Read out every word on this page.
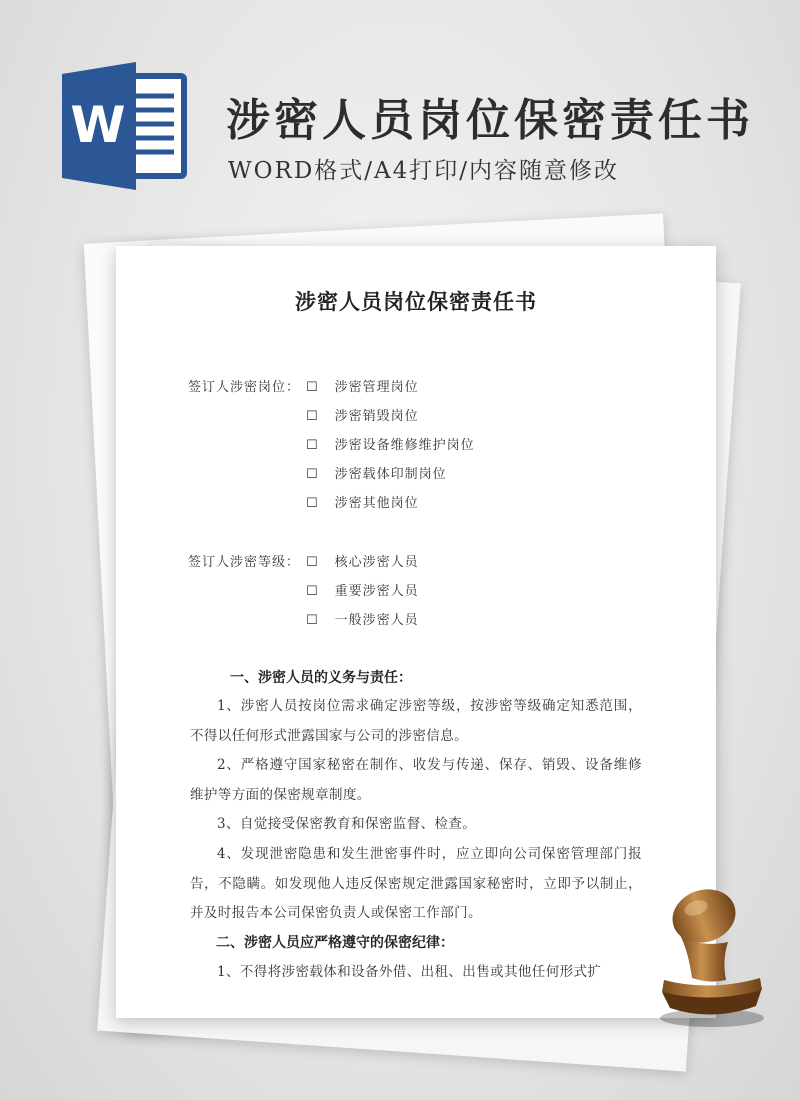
W 涉密人员岗位保密责任书
WORD格式/A4打印/内容随意修改
涉密人员岗位保密责任书
签订人涉密岗位： ☐ 涉密管理岗位
☐ 涉密销毁岗位
☐ 涉密设备维修维护岗位
☐ 涉密载体印制岗位
☐ 涉密其他岗位
签订人涉密等级： ☐ 核心涉密人员
☐ 重要涉密人员
☐ 一般涉密人员
一、涉密人员的义务与责任：
1、涉密人员按岗位需求确定涉密等级，按涉密等级确定知悉范围，不得以任何形式泄露国家与公司的涉密信息。
2、严格遵守国家秘密在制作、收发与传递、保存、销毁、设备维修维护等方面的保密规章制度。
3、自觉接受保密教育和保密监督、检查。
4、发现泄密隐患和发生泄密事件时，应立即向公司保密管理部门报告，不隐瞒。如发现他人违反保密规定泄露国家秘密时，立即予以制止，并及时报告本公司保密负责人或保密工作部门。
二、涉密人员应严格遵守的保密纪律：
1、不得将涉密载体和设备外借、出租、出售或其他任何形式扩
